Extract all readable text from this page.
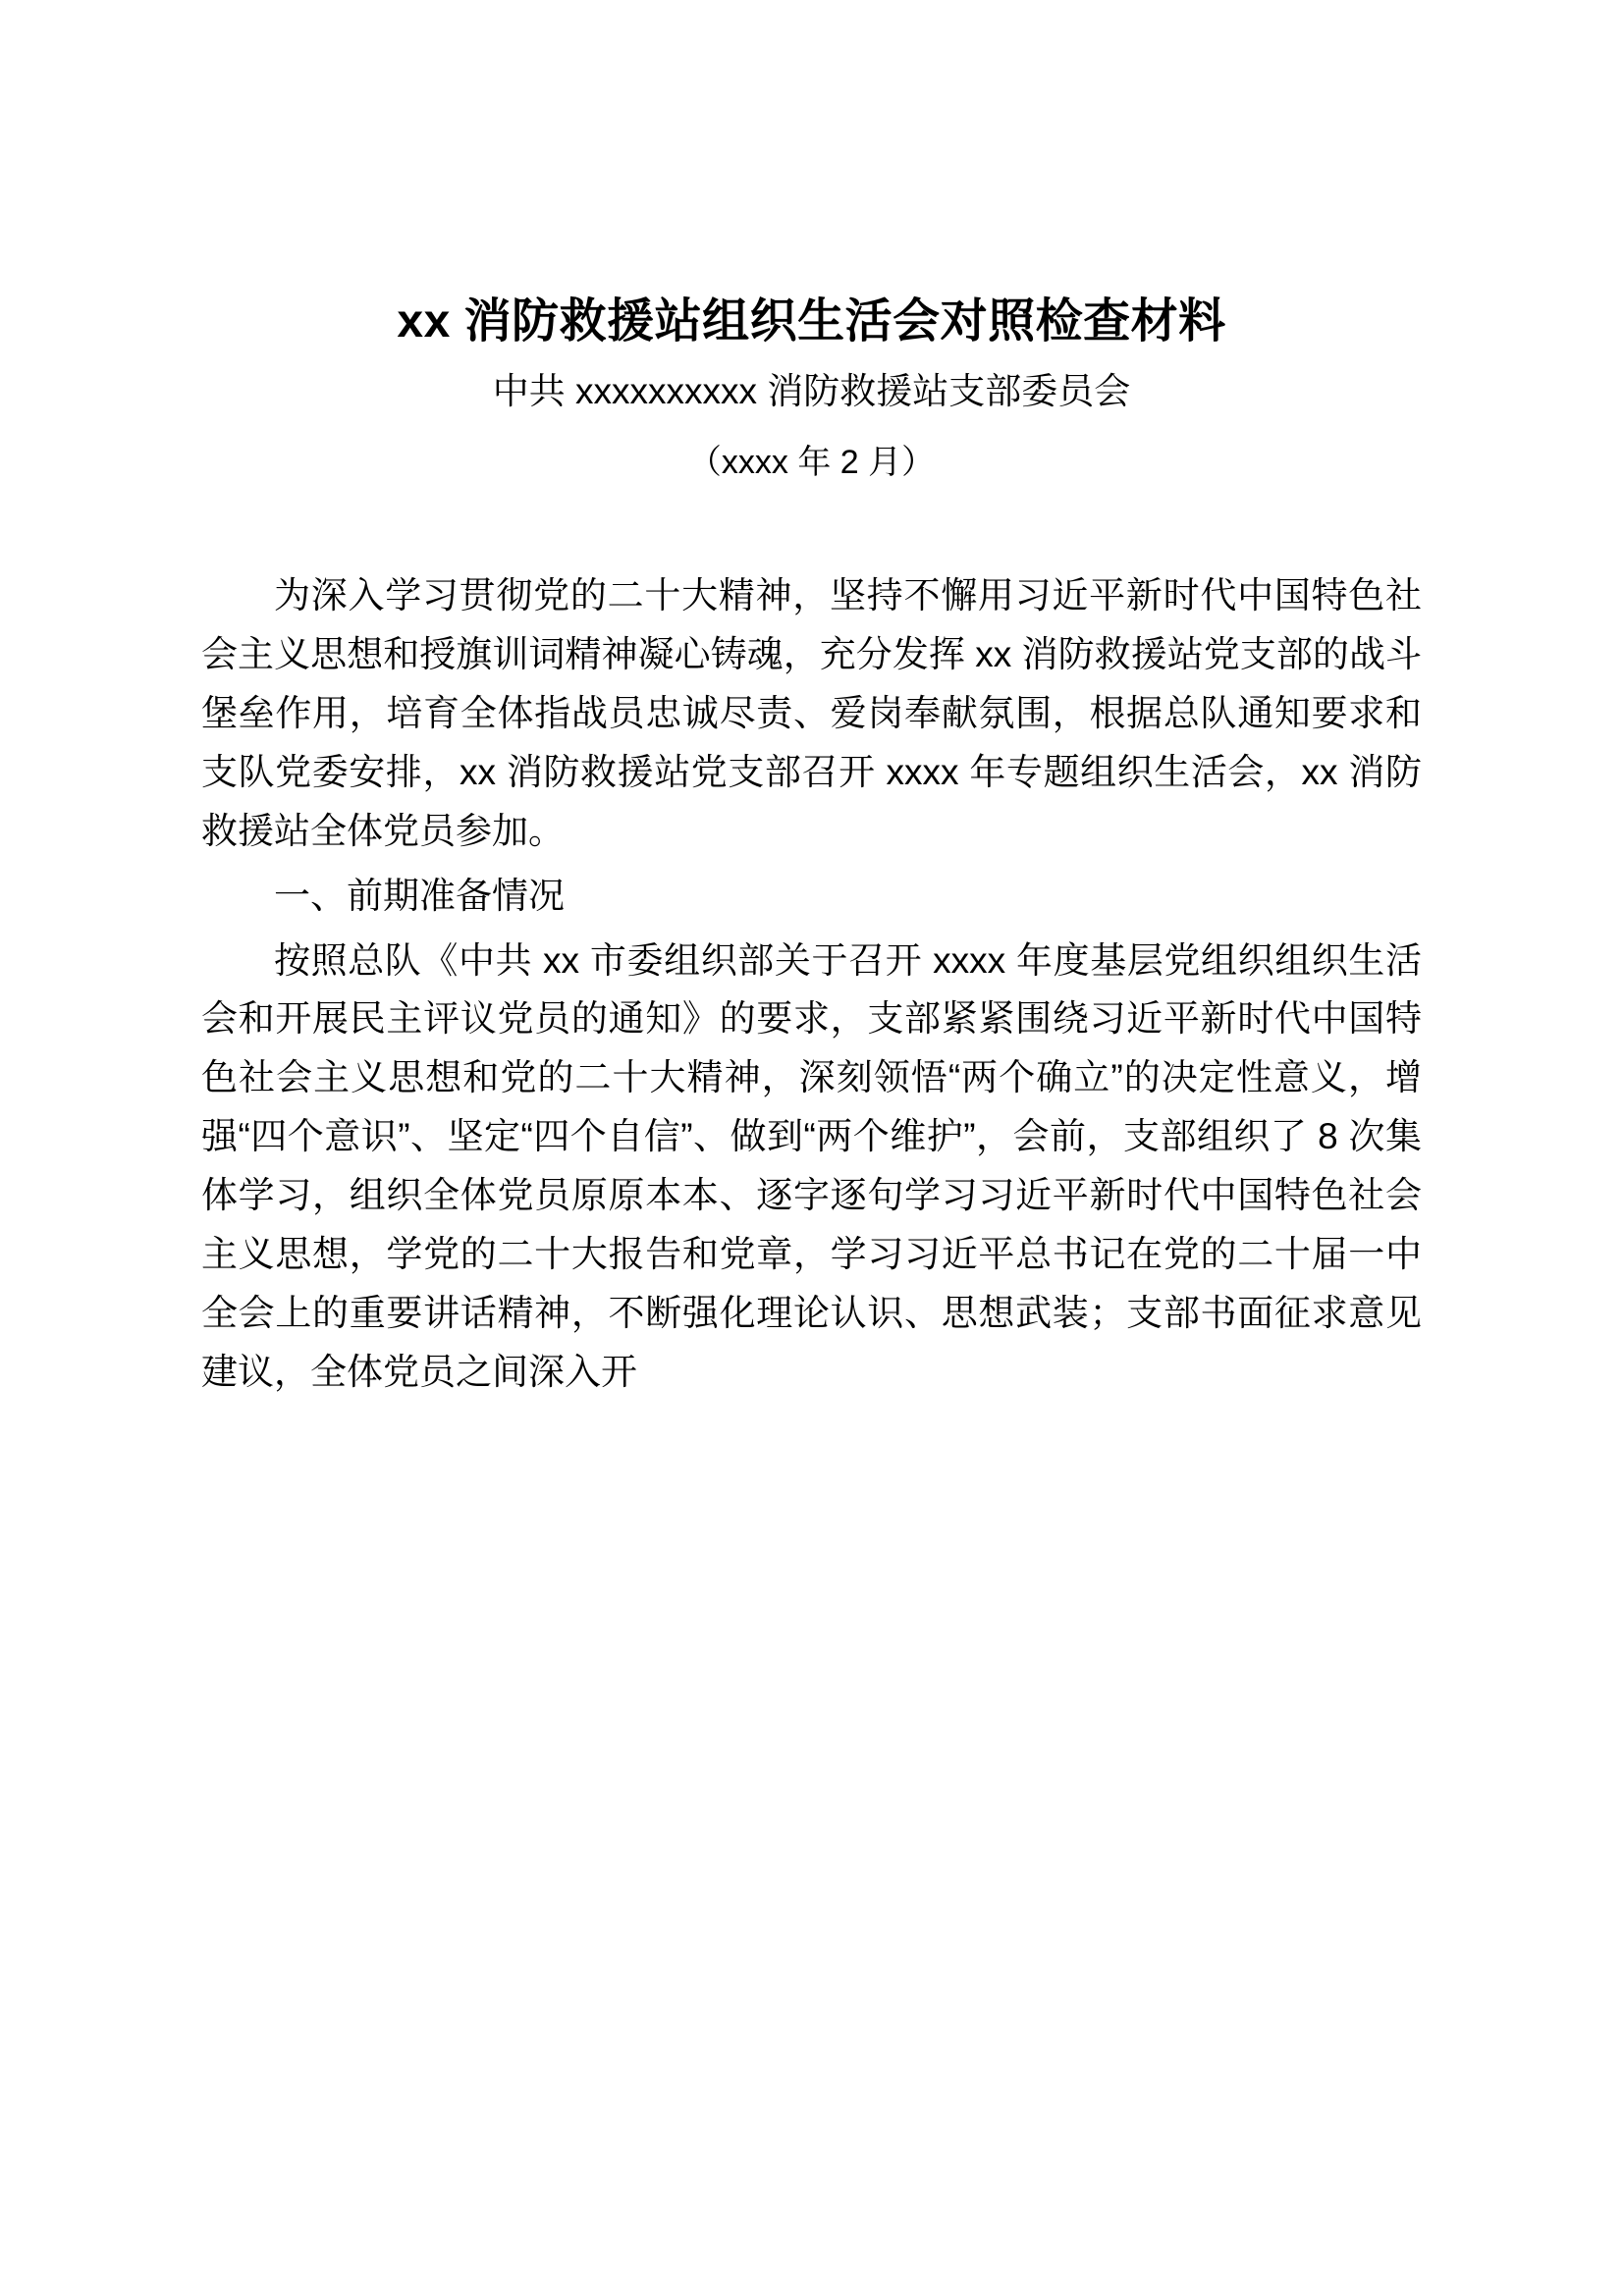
xx 消防救援站组织生活会对照检查材料
中共 xxxxxxxxxx 消防救援站支部委员会
（xxxx 年 2 月）

为深入学习贯彻党的二十大精神，坚持不懈用习近平新时代中国特色社会主义思想和授旗训词精神凝心铸魂，充分发挥 xx 消防救援站党支部的战斗堡垒作用，培育全体指战员忠诚尽责、爱岗奉献氛围，根据总队通知要求和支队党委安排，xx 消防救援站党支部召开 xxxx 年专题组织生活会，xx 消防救援站全体党员参加。

一、前期准备情况

按照总队《中共 xx 市委组织部关于召开 xxxx 年度基层党组织组织生活会和开展民主评议党员的通知》的要求，支部紧紧围绕习近平新时代中国特色社会主义思想和党的二十大精神，深刻领悟“两个确立”的决定性意义，增强“四个意识”、坚定“四个自信”、做到“两个维护”，会前，支部组织了 8 次集体学习，组织全体党员原原本本、逐字逐句学习习近平新时代中国特色社会主义思想，学党的二十大报告和党章，学习习近平总书记在党的二十届一中全会上的重要讲话精神，不断强化理论认识、思想武装；支部书面征求意见建议，全体党员之间深入开
